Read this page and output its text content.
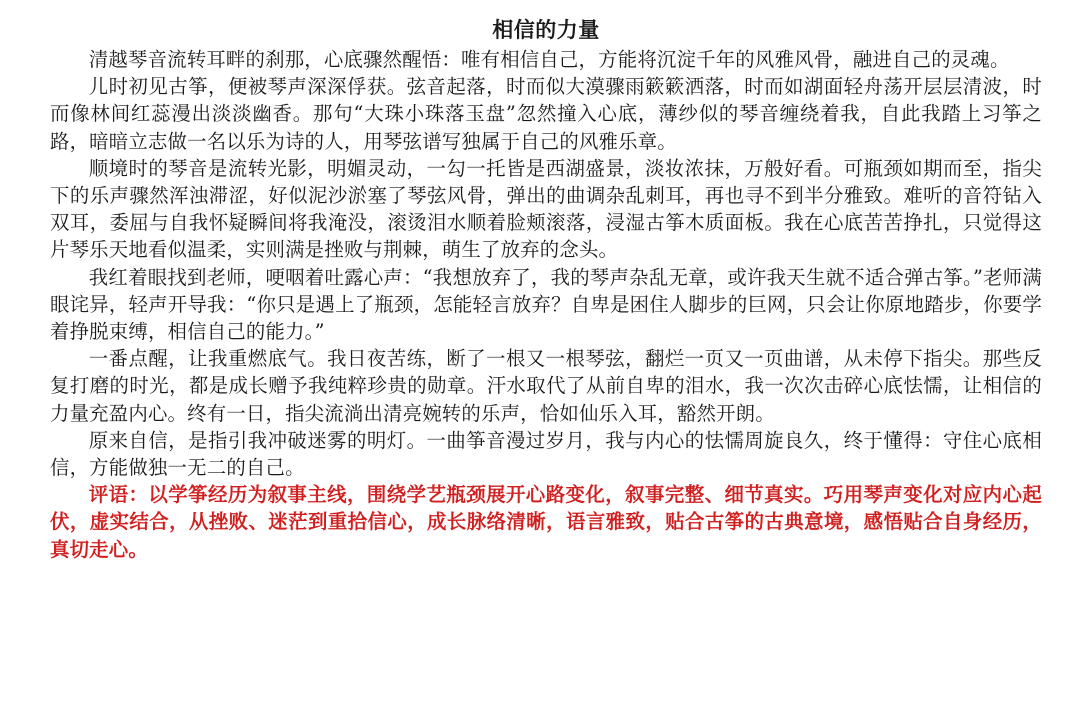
相信的力量

清越琴音流转耳畔的刹那，心底骤然醒悟：唯有相信自己，方能将沉淀千年的风雅风骨，融进自己的灵魂。

儿时初见古筝，便被琴声深深俘获。弦音起落，时而似大漠骤雨簌簌洒落，时而如湖面轻舟荡开层层清波，时而像林间红蕊漫出淡淡幽香。那句“大珠小珠落玉盘”忽然撞入心底，薄纱似的琴音缠绕着我，自此我踏上习筝之路，暗暗立志做一名以乐为诗的人，用琴弦谱写独属于自己的风雅乐章。

顺境时的琴音是流转光影，明媚灵动，一勾一托皆是西湖盛景，淡妆浓抹，万般好看。可瓶颈如期而至，指尖下的乐声骤然浑浊滞涩，好似泥沙淤塞了琴弦风骨，弹出的曲调杂乱刺耳，再也寻不到半分雅致。难听的音符钻入双耳，委屈与自我怀疑瞬间将我淹没，滚烫泪水顺着脸颊滚落，浸湿古筝木质面板。我在心底苦苦挣扎，只觉得这片琴乐天地看似温柔，实则满是挫败与荆棘，萌生了放弃的念头。

我红着眼找到老师，哽咽着吐露心声：“我想放弃了，我的琴声杂乱无章，或许我天生就不适合弹古筝。”老师满眼诧异，轻声开导我：“你只是遇上了瓶颈，怎能轻言放弃？自卑是困住人脚步的巨网，只会让你原地踏步，你要学着挣脱束缚，相信自己的能力。”

一番点醒，让我重燃底气。我日夜苦练，断了一根又一根琴弦，翻烂一页又一页曲谱，从未停下指尖。那些反复打磨的时光，都是成长赠予我纯粹珍贵的勋章。汗水取代了从前自卑的泪水，我一次次击碎心底怯懦，让相信的力量充盈内心。终有一日，指尖流淌出清亮婉转的乐声，恰如仙乐入耳，豁然开朗。

原来自信，是指引我冲破迷雾的明灯。一曲筝音漫过岁月，我与内心的怯懦周旋良久，终于懂得：守住心底相信，方能做独一无二的自己。

评语：以学筝经历为叙事主线，围绕学艺瓶颈展开心路变化，叙事完整、细节真实。巧用琴声变化对应内心起伏，虚实结合，从挫败、迷茫到重拾信心，成长脉络清晰，语言雅致，贴合古筝的古典意境，感悟贴合自身经历，真切走心。
